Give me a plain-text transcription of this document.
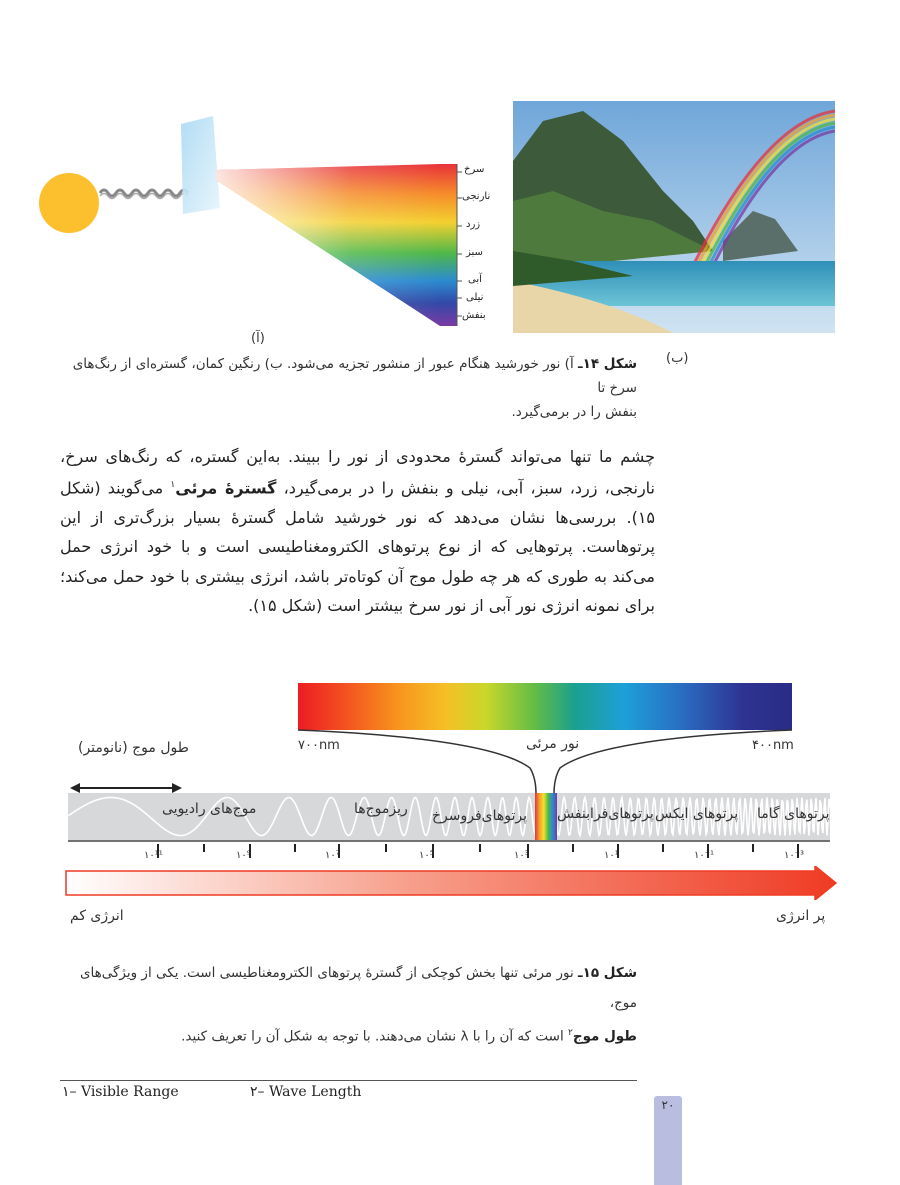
سرخ
نارنجی
زرد
سبز
آبی
نیلی
بنفش
(آ)
(ب)
شکل ۱۴ـ آ) نور خورشید هنگام عبور از منشور تجزیه می‌شود. ب) رنگین کمان، گستره‌ای از رنگ‌های سرخ تا
بنفش را در برمی‌گیرد.
چشم ما تنها می‌تواند گسترهٔ محدودی از نور را ببیند. به‌این گستره، که رنگ‌های سرخ، نارنجی، زرد، سبز، آبی، نیلی و بنفش را در برمی‌گیرد، گسترهٔ مرئی$^۱$ می‌گویند (شکل ۱۵). بررسی‌ها نشان می‌دهد که نور خورشید شامل گسترهٔ بسیار بزرگ‌تری از این پرتوهاست. پرتوهایی که از نوع پرتوهای الکترومغناطیسی است و با خود انرژی حمل می‌کند به طوری که هر چه طول موج آن کوتاه‌تر باشد، انرژی بیشتری با خود حمل می‌کند؛ برای نمونه انرژی نور آبی از نور سرخ بیشتر است (شکل ۱۵).
۷۰۰nm	۴۰۰nm
نور مرئی
طول موج (نانومتر)
موج‌های رادیویی	ریزموج‌ها پرتوهای‌فروسرخ پرتوهای‌فرابنفش پرتوهای ایکس پرتوهای گاما
۱۰¹¹	۱۰⁹	۱۰⁷	۱۰⁵	۱۰³	۱۰¹	۱۰⁻¹	۱۰⁻³
انرژی کم	پر انرژی
شکل ۱۵ـ نور مرئی تنها بخش کوچکی از گسترهٔ پرتوهای الکترومغناطیسی است. یکی از ویژگی‌های موج،
طول موج$^۲$ است که آن را با λ نشان می‌دهند. با توجه به شکل آن را تعریف کنید.
۱– Visible Range	۲– Wave Length
۲۰
